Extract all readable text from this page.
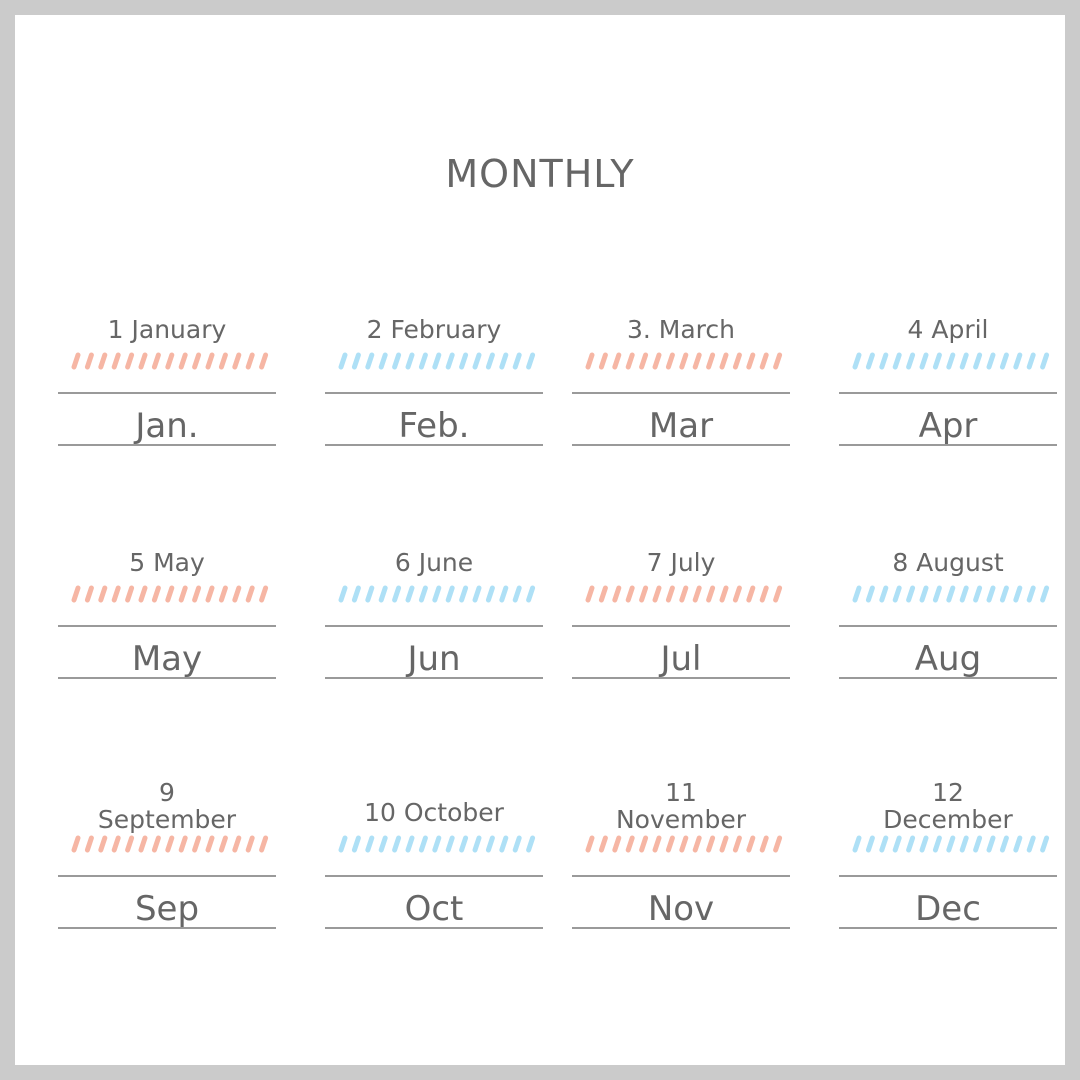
MONTHLY
1 January
Jan.
2 February
Feb.
3. March
Mar
4 April
Apr
5 May
May
6 June
Jun
7 July
Jul
8 August
Aug
9
September
Sep
10 October
Oct
11
November
Nov
12
December
Dec
